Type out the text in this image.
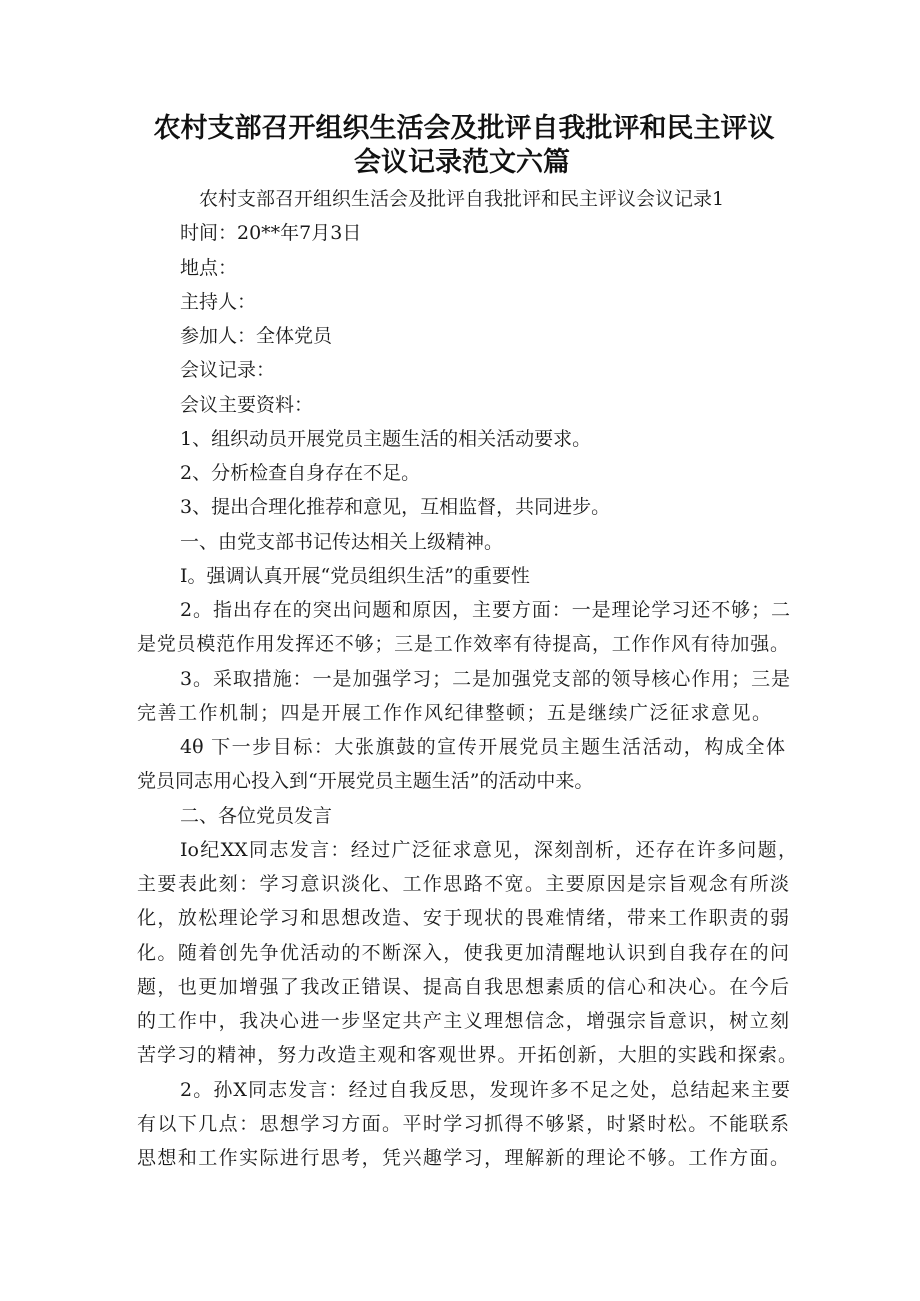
农村支部召开组织生活会及批评自我批评和民主评议
会议记录范文六篇
农村支部召开组织生活会及批评自我批评和民主评议会议记录1
时间：20**年7月3日
地点：
主持人：
参加人：全体党员
会议记录：
会议主要资料：
1、组织动员开展党员主题生活的相关活动要求。
2、分析检查自身存在不足。
3、提出合理化推荐和意见，互相监督，共同进步。
一、由党支部书记传达相关上级精神。
I。强调认真开展“党员组织生活”的重要性
2。指出存在的突出问题和原因，主要方面：一是理论学习还不够；二
是党员模范作用发挥还不够；三是工作效率有待提高，工作作风有待加强。
3。采取措施：一是加强学习；二是加强党支部的领导核心作用；三是
完善工作机制；四是开展工作作风纪律整顿；五是继续广泛征求意见。
4θ 下一步目标：大张旗鼓的宣传开展党员主题生活活动，构成全体
党员同志用心投入到“开展党员主题生活”的活动中来。
二、各位党员发言
Io纪XX同志发言：经过广泛征求意见，深刻剖析，还存在许多问题，
主要表此刻：学习意识淡化、工作思路不宽。主要原因是宗旨观念有所淡
化，放松理论学习和思想改造、安于现状的畏难情绪，带来工作职责的弱
化。随着创先争优活动的不断深入，使我更加清醒地认识到自我存在的问
题，也更加增强了我改正错误、提高自我思想素质的信心和决心。在今后
的工作中，我决心进一步坚定共产主义理想信念，增强宗旨意识，树立刻
苦学习的精神，努力改造主观和客观世界。开拓创新，大胆的实践和探索。
2。孙X同志发言：经过自我反思，发现许多不足之处，总结起来主要
有以下几点：思想学习方面。平时学习抓得不够紧，时紧时松。不能联系
思想和工作实际进行思考，凭兴趣学习，理解新的理论不够。工作方面。
